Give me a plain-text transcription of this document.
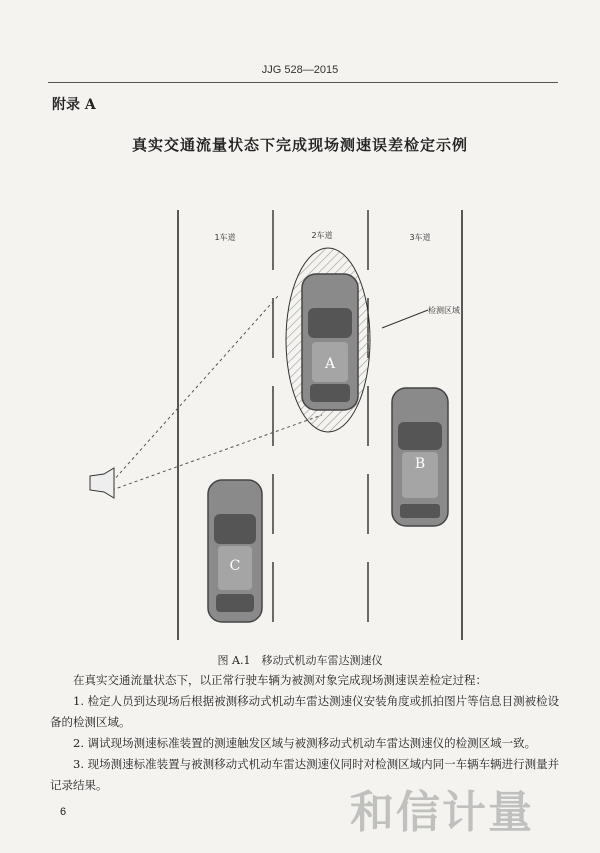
JJG 528—2015
附录 A
真实交通流量状态下完成现场测速误差检定示例
1车道	2车道	3车道
检测区域
A
B
C
图 A.1　移动式机动车雷达测速仪

在真实交通流量状态下，以正常行驶车辆为被测对象完成现场测速误差检定过程：

1. 检定人员到达现场后根据被测移动式机动车雷达测速仪安装角度或抓拍图片等信息目测被检设备的检测区域。

2. 调试现场测速标准装置的测速触发区域与被测移动式机动车雷达测速仪的检测区域一致。

3. 现场测速标准装置与被测移动式机动车雷达测速仪同时对检测区域内同一车辆车辆进行测量并记录结果。

6	和信计量
